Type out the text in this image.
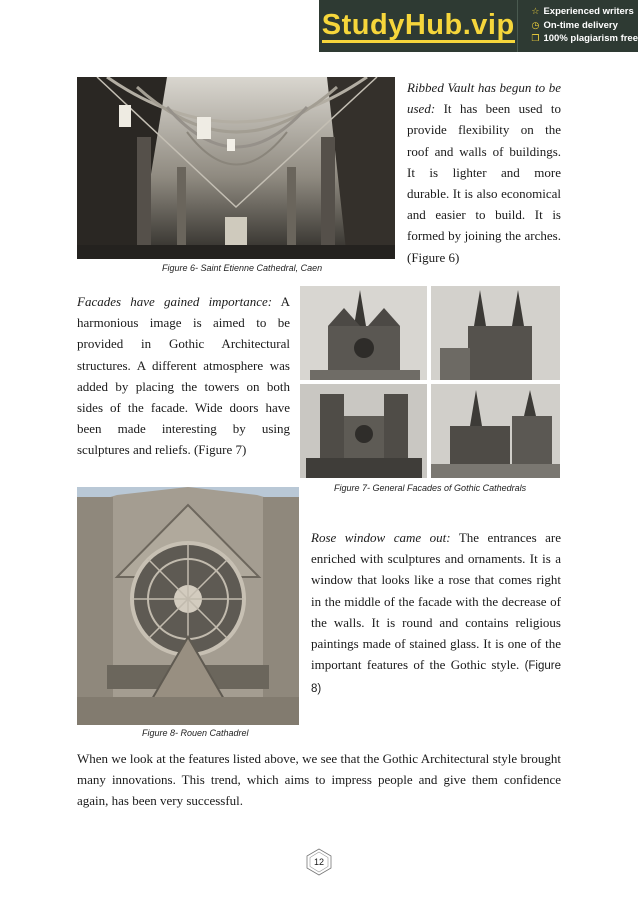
StudyHub.vip ☆ Experienced writers
◷ On-time delivery
❐ 100% plagiarism free
Figure 6- Saint Etienne Cathedral, Caen
Ribbed Vault has begun to be used: It has been used to provide flexibility on the roof and walls of buildings. It is lighter and more durable. It is also economical and easier to build. It is formed by joining the arches. (Figure 6)
Facades have gained importance: A harmonious image is aimed to be provided in Gothic Architectural structures. A different atmosphere was added by placing the towers on both sides of the facade. Wide doors have been made interesting by using sculptures and reliefs. (Figure 7)
Figure 7- General Facades of Gothic Cathedrals
Figure 8- Rouen Cathadrel
Rose window came out: The entrances are enriched with sculptures and ornaments. It is a window that looks like a rose that comes right in the middle of the facade with the decrease of the walls. It is round and contains religious paintings made of stained glass. It is one of the important features of the Gothic style. (Figure 8)
When we look at the features listed above, we see that the Gothic Architectural style brought many innovations. This trend, which aims to impress people and give them confidence again, has been very successful.
12
